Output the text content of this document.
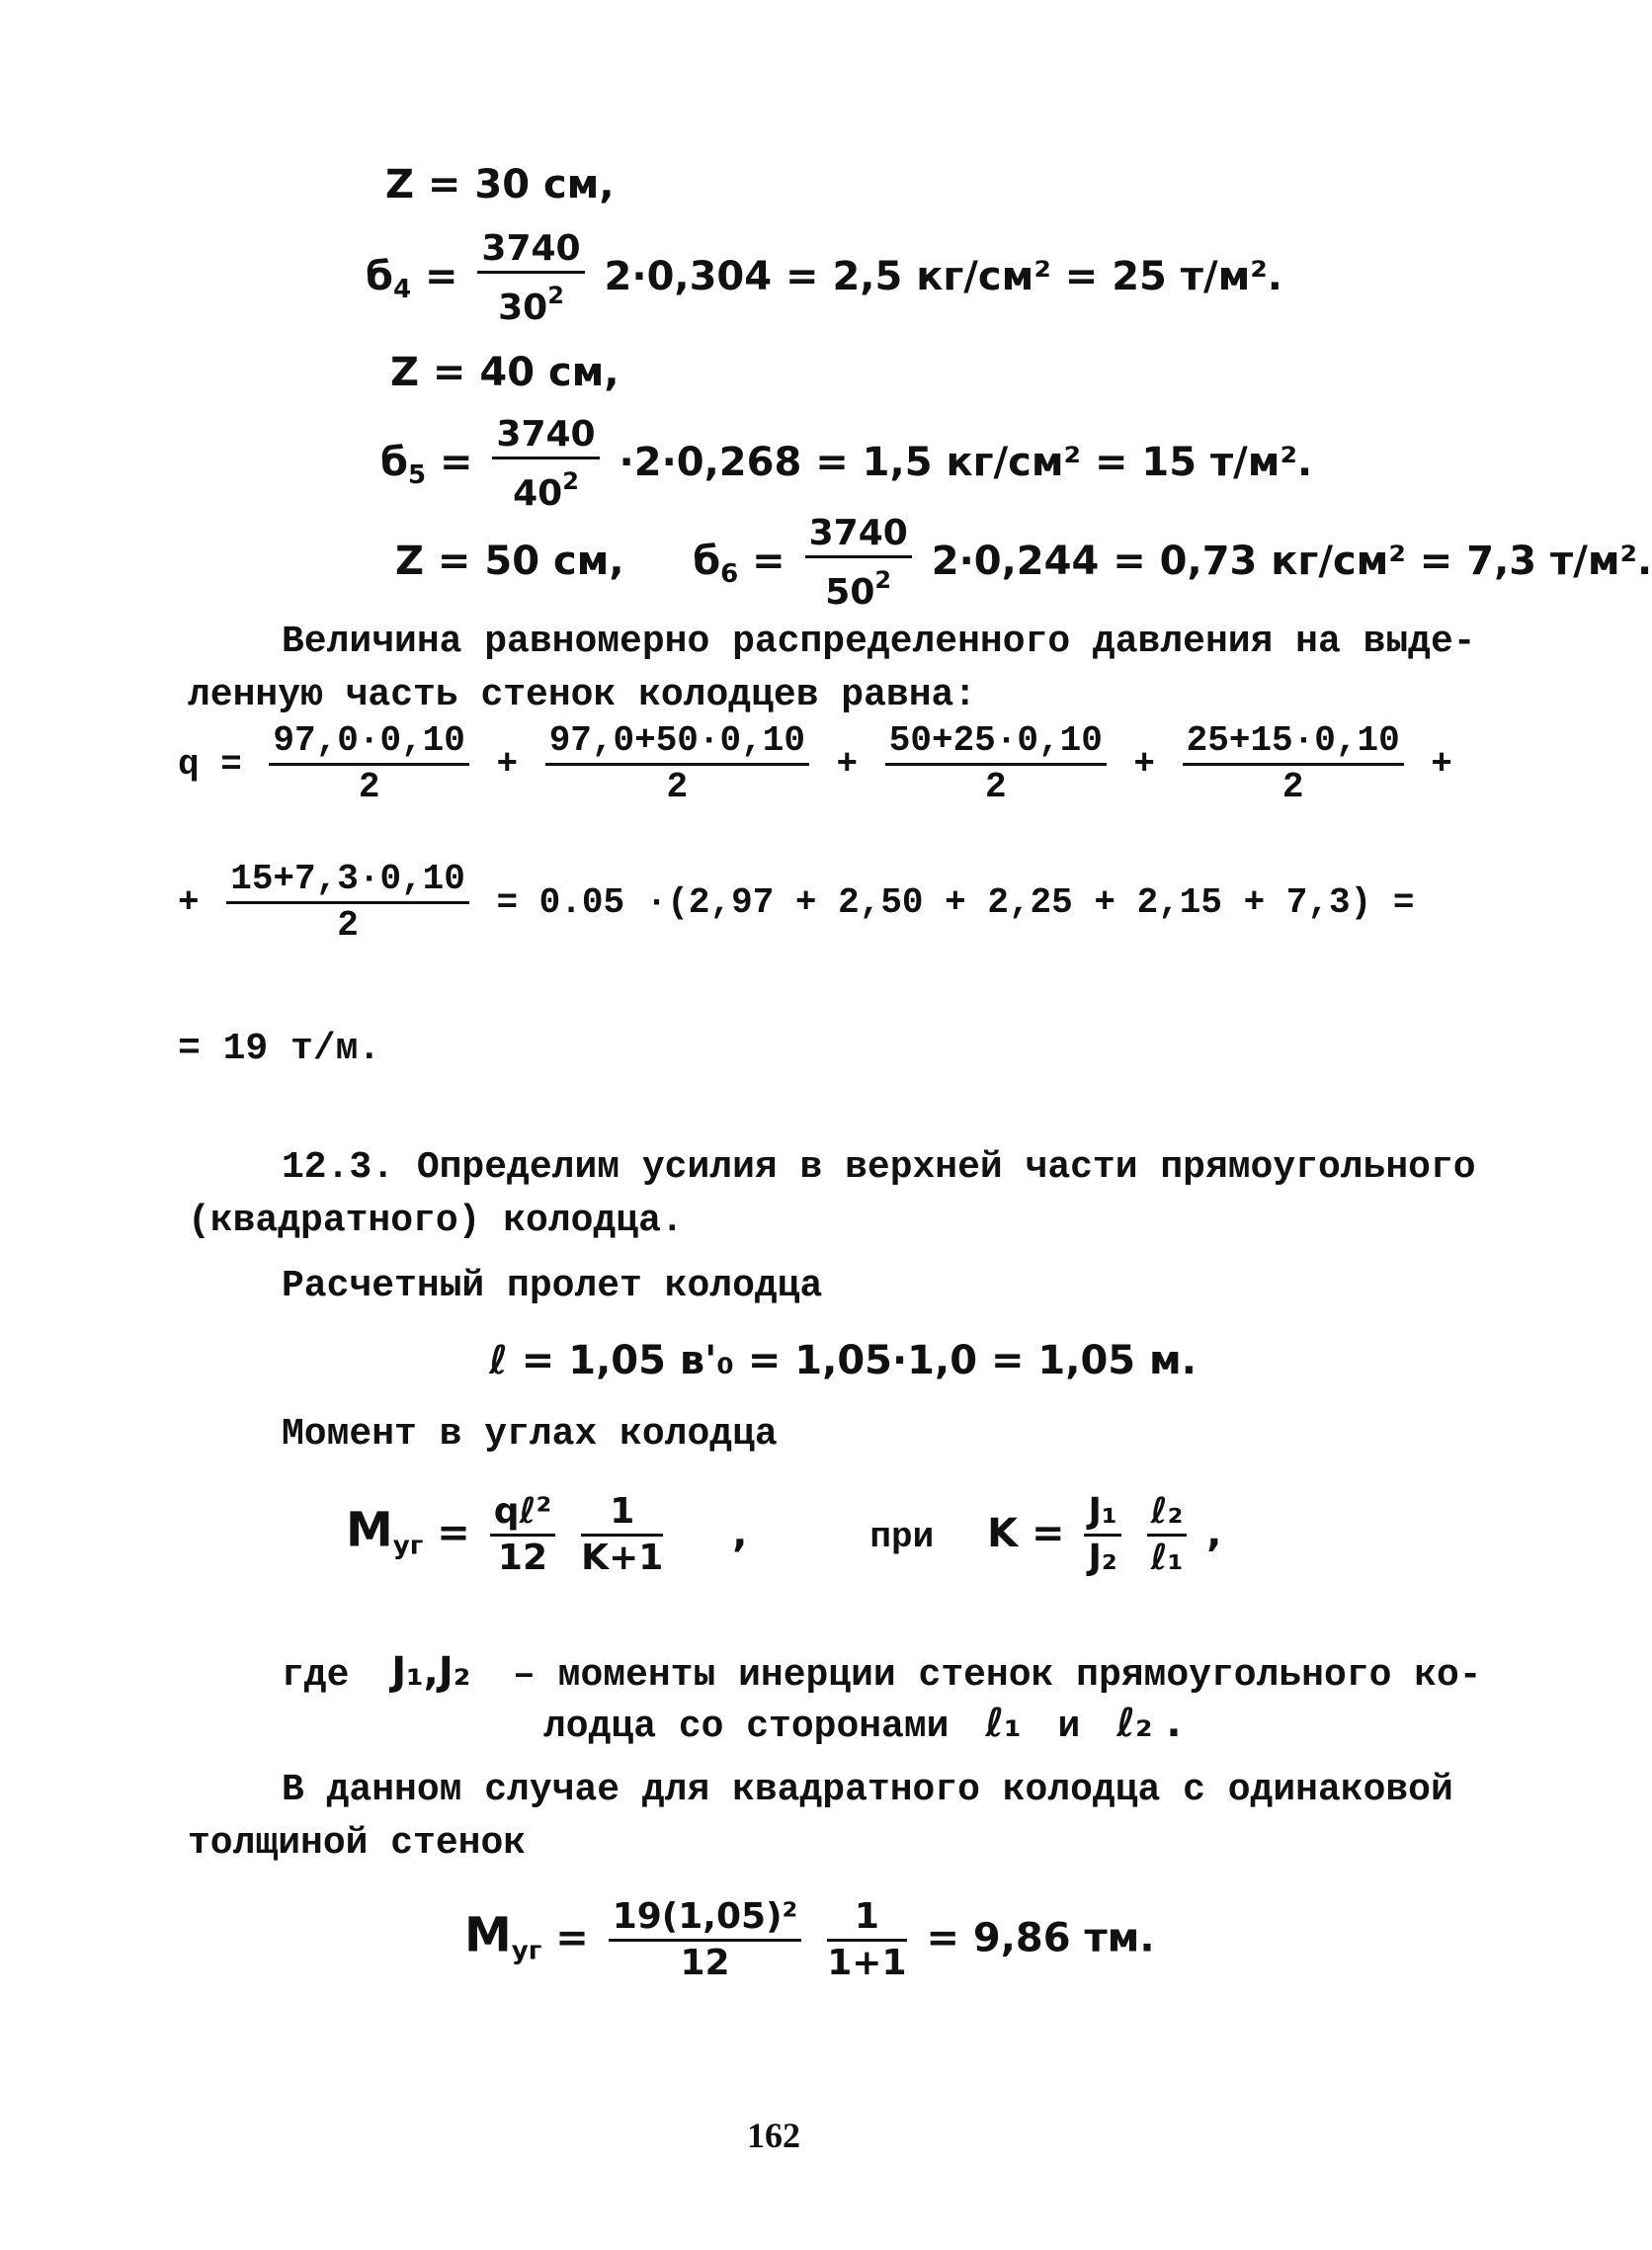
Z = 30 см,
$б_4 = \frac{3740}{30^2} 2\cdot 0,304 = 2,5$ кг/см² = 25 т/м².
Z = 40 см,
$б_5 = \frac{3740}{40^2} \cdot 2\cdot 0,268 = 1,5$ кг/см² = 15 т/м².
Z = 50 см, $б_6 = \frac{3740}{50^2} 2\cdot 0,244 = 0,73$ кг/см² = 7,3 т/м².
Величина равномерно распределенного давления на выде-
ленную часть стенок колодцев равна:
$q = \frac{97,0\cdot 0,10}{2} + \frac{97,0+50\cdot 0,10}{2} + \frac{50+25\cdot 0,10}{2} + \frac{25+15\cdot 0,10}{2}$ +
+ $\frac{15+7,3\cdot 0,10}{2} = 0.05 \cdot(2,97 + 2,50 + 2,25 + 2,15 + 7,3)$ =
= 19 т/м.
12.3. Определим усилия в верхней части прямоугольного
(квадратного) колодца.
Расчетный пролет колодца
ℓ = 1,05 в'₀ = 1,05·1,0 = 1,05 м.
Момент в углах колодца
$M_{уг} = \frac{\text{qℓ²}}{12}$
$\frac{1}{K+1}$ ,	при $K = \frac{\text{J₁}}{\text{J₂}}$
$\frac{\text{ℓ₂}}{\text{ℓ₁}}$ ,
где J₁,J₂ – моменты инерции стенок прямоугольного ко-
лодца со сторонами ℓ₁ и ℓ₂ .
В данном случае для квадратного колодца с одинаковой
толщиной стенок
$M_{уг} = \frac{\text{19(1,05)²}}{12}$
$\frac{1}{1+1} = 9,86$ тм.
162
